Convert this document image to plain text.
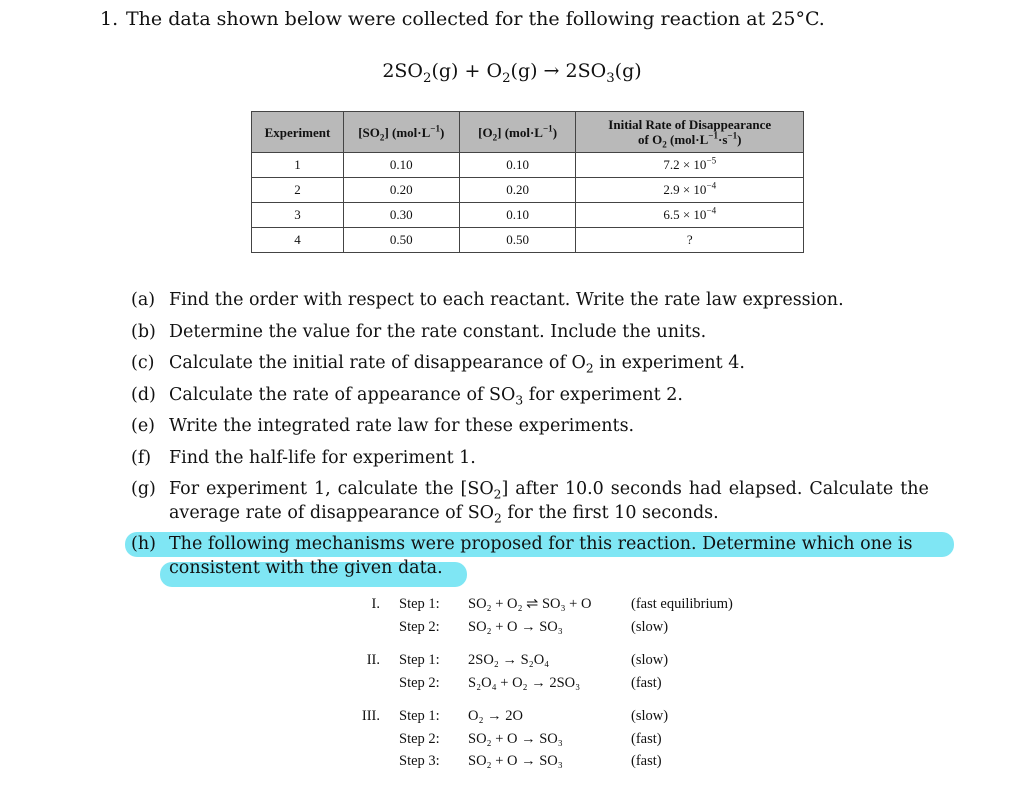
1. The data shown below were collected for the following reaction at 25°C.
$2SO_2(g) + O_2(g) \to 2SO_3(g)$
Experiment	$[SO_2]$ $(mol\cdot L^{-1})$	$[O_2]$ $(mol\cdot L^{-1})$	Initial Rate of Disappearance
of $O_2$ $(mol\cdot L^{-1}\cdot s^{-1})$
1	0.10	0.10	$7.2 \times 10^{-5}$
2	0.20	0.20	$2.9 \times 10^{-4}$
3	0.30	0.10	$6.5 \times 10^{-4}$
4	0.50	0.50	?
(a) Find the order with respect to each reactant. Write the rate law expression.
(b) Determine the value for the rate constant. Include the units.
(c) Calculate the initial rate of disappearance of $O_2$ in experiment 4.
(d) Calculate the rate of appearance of $SO_3$ for experiment 2.
(e) Write the integrated rate law for these experiments.
(f) Find the half-life for experiment 1.
(g) For experiment 1, calculate the $[SO_2]$ after 10.0 seconds had elapsed. Calculate the
average rate of disappearance of $SO_2$ for the first 10 seconds.
(h) The following mechanisms were proposed for this reaction. Determine which one is
consistent with the given data.
I. Step 1: SO₂ + O₂ ⇌ SO₃ + O	(fast equilibrium)
Step 2: SO₂ + O → SO₃	(slow)
II. Step 1: 2SO₂ → S₂O₄	(slow)
Step 2: S₂O₄ + O₂ → 2SO₃	(fast)
III. Step 1: O₂ → 2O	(slow)
Step 2: SO₂ + O → SO₃	(fast)
Step 3: SO₂ + O → SO₃	(fast)
